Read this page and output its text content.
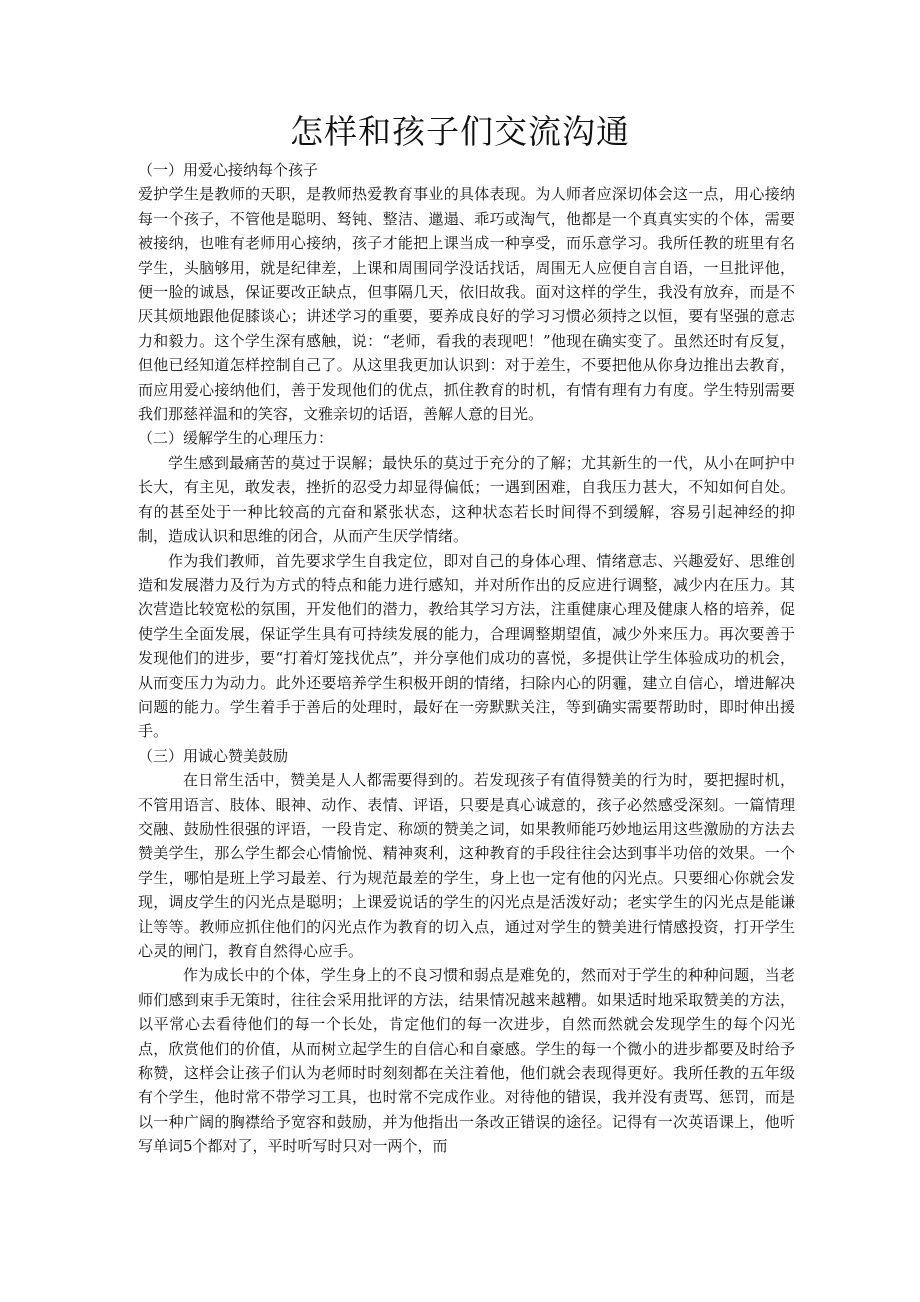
怎样和孩子们交流沟通

（一）用爱心接纳每个孩子

爱护学生是教师的天职，是教师热爱教育事业的具体表现。为人师者应深切体会这一点，用心接纳每一个孩子，不管他是聪明、驽钝、整洁、邋遢、乖巧或淘气，他都是一个真真实实的个体，需要被接纳，也唯有老师用心接纳，孩子才能把上课当成一种享受，而乐意学习。我所任教的班里有名学生，头脑够用，就是纪律差，上课和周围同学没话找话，周围无人应便自言自语，一旦批评他，便一脸的诚恳，保证要改正缺点，但事隔几天，依旧故我。面对这样的学生，我没有放弃，而是不厌其烦地跟他促膝谈心；讲述学习的重要，要养成良好的学习习惯必须持之以恒，要有坚强的意志力和毅力。这个学生深有感触，说：“老师，看我的表现吧！”他现在确实变了。虽然还时有反复，但他已经知道怎样控制自己了。从这里我更加认识到：对于差生，不要把他从你身边推出去教育，而应用爱心接纳他们，善于发现他们的优点，抓住教育的时机，有情有理有力有度。学生特别需要我们那慈祥温和的笑容，文雅亲切的话语，善解人意的目光。

（二）缓解学生的心理压力：

学生感到最痛苦的莫过于误解；最快乐的莫过于充分的了解；尤其新生的一代，从小在呵护中长大，有主见，敢发表，挫折的忍受力却显得偏低；一遇到困难，自我压力甚大，不知如何自处。有的甚至处于一种比较高的亢奋和紧张状态，这种状态若长时间得不到缓解，容易引起神经的抑制，造成认识和思维的闭合，从而产生厌学情绪。

作为我们教师，首先要求学生自我定位，即对自己的身体心理、情绪意志、兴趣爱好、思维创造和发展潜力及行为方式的特点和能力进行感知，并对所作出的反应进行调整，减少内在压力。其次营造比较宽松的氛围，开发他们的潜力，教给其学习方法，注重健康心理及健康人格的培养，促使学生全面发展，保证学生具有可持续发展的能力，合理调整期望值，减少外来压力。再次要善于发现他们的进步，要“打着灯笼找优点”，并分享他们成功的喜悦，多提供让学生体验成功的机会，从而变压力为动力。此外还要培养学生积极开朗的情绪，扫除内心的阴霾，建立自信心，增进解决问题的能力。学生着手于善后的处理时，最好在一旁默默关注，等到确实需要帮助时，即时伸出援手。

（三）用诚心赞美鼓励

在日常生活中，赞美是人人都需要得到的。若发现孩子有值得赞美的行为时，要把握时机，不管用语言、肢体、眼神、动作、表情、评语，只要是真心诚意的，孩子必然感受深刻。一篇情理交融、鼓励性很强的评语，一段肯定、称颂的赞美之词，如果教师能巧妙地运用这些激励的方法去赞美学生，那么学生都会心情愉悦、精神爽利，这种教育的手段往往会达到事半功倍的效果。一个学生，哪怕是班上学习最差、行为规范最差的学生，身上也一定有他的闪光点。只要细心你就会发现，调皮学生的闪光点是聪明；上课爱说话的学生的闪光点是活泼好动；老实学生的闪光点是能谦让等等。教师应抓住他们的闪光点作为教育的切入点，通过对学生的赞美进行情感投资，打开学生心灵的闸门，教育自然得心应手。

作为成长中的个体，学生身上的不良习惯和弱点是难免的，然而对于学生的种种问题，当老师们感到束手无策时，往往会采用批评的方法，结果情况越来越糟。如果适时地采取赞美的方法，以平常心去看待他们的每一个长处，肯定他们的每一次进步，自然而然就会发现学生的每个闪光点，欣赏他们的价值，从而树立起学生的自信心和自豪感。学生的每一个微小的进步都要及时给予称赞，这样会让孩子们认为老师时时刻刻都在关注着他，他们就会表现得更好。我所任教的五年级有个学生，他时常不带学习工具，也时常不完成作业。对待他的错误，我并没有责骂、惩罚，而是以一种广阔的胸襟给予宽容和鼓励，并为他指出一条改正错误的途径。记得有一次英语课上，他听写单词5个都对了，平时听写时只对一两个，而
